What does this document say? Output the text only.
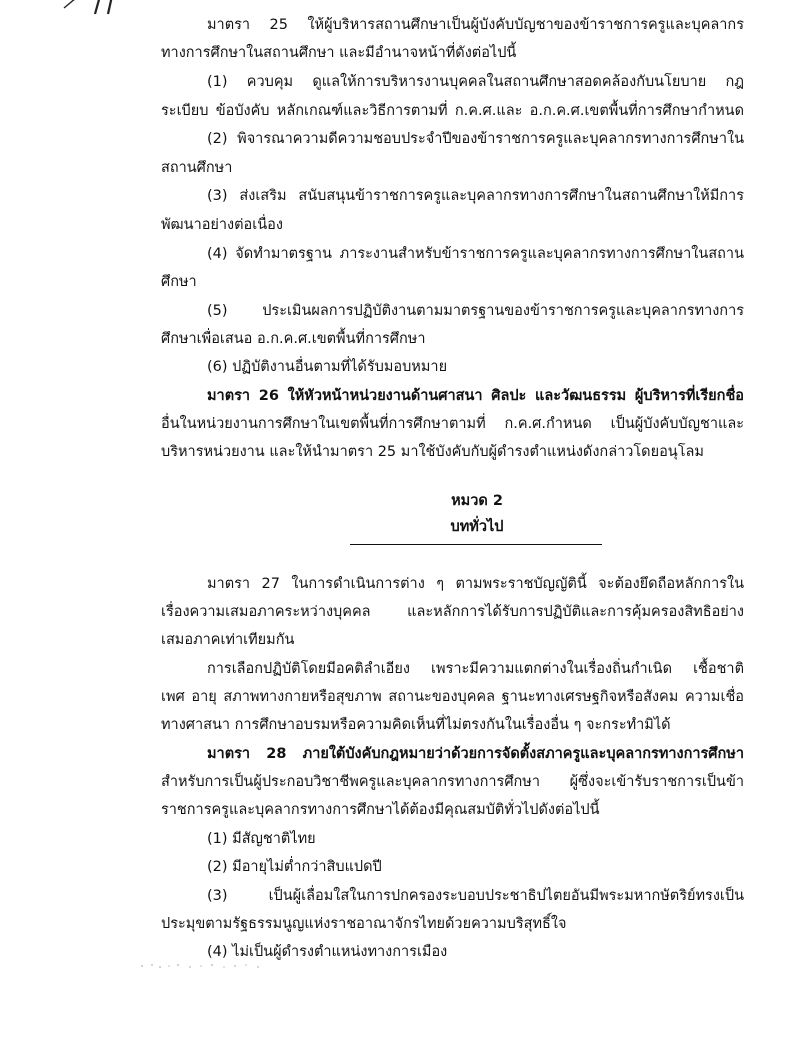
มาตรา 25 ให้ผู้บริหารสถานศึกษาเป็นผู้บังคับบัญชาของข้าราชการครูและบุคลากร
ทางการศึกษาในสถานศึกษา และมีอำนาจหน้าที่ดังต่อไปนี้
(1) ควบคุม ดูแลให้การบริหารงานบุคคลในสถานศึกษาสอดคล้องกับนโยบาย กฎ
ระเบียบ ข้อบังคับ หลักเกณฑ์และวิธีการตามที่ ก.ค.ศ.และ อ.ก.ค.ศ.เขตพื้นที่การศึกษากำหนด
(2) พิจารณาความดีความชอบประจำปีของข้าราชการครูและบุคลากรทางการศึกษาใน
สถานศึกษา
(3) ส่งเสริม สนับสนุนข้าราชการครูและบุคลากรทางการศึกษาในสถานศึกษาให้มีการ
พัฒนาอย่างต่อเนื่อง
(4) จัดทำมาตรฐาน ภาระงานสำหรับข้าราชการครูและบุคลากรทางการศึกษาในสถาน
ศึกษา
(5) ประเมินผลการปฏิบัติงานตามมาตรฐานของข้าราชการครูและบุคลากรทางการ
ศึกษาเพื่อเสนอ อ.ก.ค.ศ.เขตพื้นที่การศึกษา
(6) ปฏิบัติงานอื่นตามที่ได้รับมอบหมาย
มาตรา 26 ให้หัวหน้าหน่วยงานด้านศาสนา ศิลปะ และวัฒนธรรม ผู้บริหารที่เรียกชื่อ
อื่นในหน่วยงานการศึกษาในเขตพื้นที่การศึกษาตามที่ ก.ค.ศ.กำหนด เป็นผู้บังคับบัญชาและ
บริหารหน่วยงาน และให้นำมาตรา 25 มาใช้บังคับกับผู้ดำรงตำแหน่งดังกล่าวโดยอนุโลม
หมวด 2
บททั่วไป
มาตรา 27 ในการดำเนินการต่าง ๆ ตามพระราชบัญญัตินี้ จะต้องยึดถือหลักการใน
เรื่องความเสมอภาคระหว่างบุคคล และหลักการได้รับการปฏิบัติและการคุ้มครองสิทธิอย่าง
เสมอภาคเท่าเทียมกัน
การเลือกปฏิบัติโดยมีอคติลำเอียง เพราะมีความแตกต่างในเรื่องถิ่นกำเนิด เชื้อชาติ
เพศ อายุ สภาพทางกายหรือสุขภาพ สถานะของบุคคล ฐานะทางเศรษฐกิจหรือสังคม ความเชื่อ
ทางศาสนา การศึกษาอบรมหรือความคิดเห็นที่ไม่ตรงกันในเรื่องอื่น ๆ จะกระทำมิได้
มาตรา 28 ภายใต้บังคับกฎหมายว่าด้วยการจัดตั้งสภาครูและบุคลากรทางการศึกษา
สำหรับการเป็นผู้ประกอบวิชาชีพครูและบุคลากรทางการศึกษา ผู้ซึ่งจะเข้ารับราชการเป็นข้า
ราชการครูและบุคลากรทางการศึกษาได้ต้องมีคุณสมบัติทั่วไปดังต่อไปนี้
(1) มีสัญชาติไทย
(2) มีอายุไม่ต่ำกว่าสิบแปดปี
(3) เป็นผู้เลื่อมใสในการปกครองระบอบประชาธิปไตยอันมีพระมหากษัตริย์ทรงเป็น
ประมุขตามรัฐธรรมนูญแห่งราชอาณาจักรไทยด้วยความบริสุทธิ์ใจ
(4) ไม่เป็นผู้ดำรงตำแหน่งทางการเมือง
